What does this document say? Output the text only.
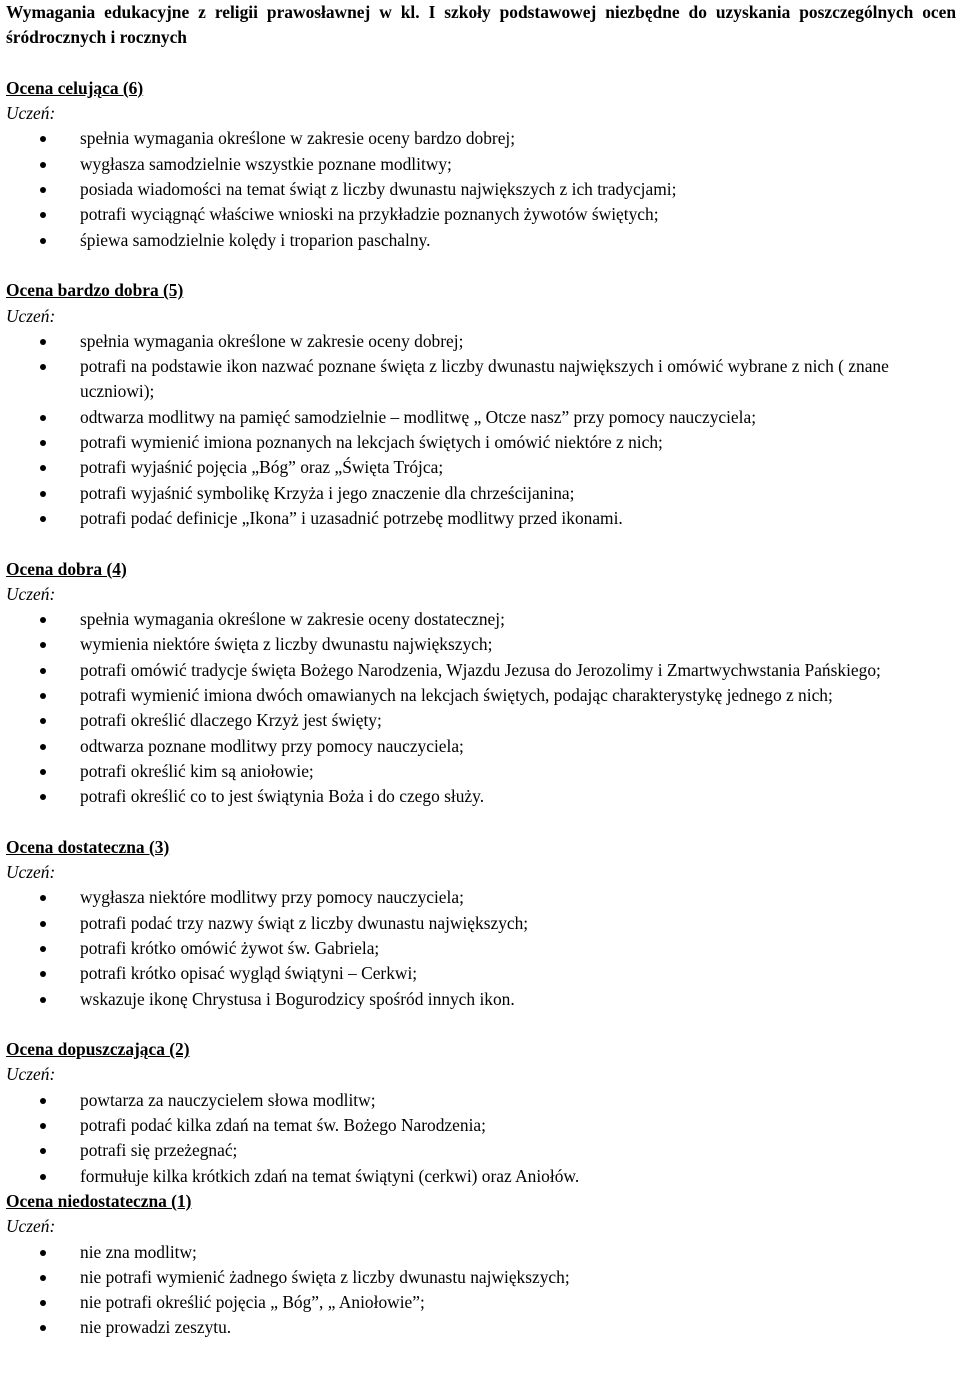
Wymagania edukacyjne z religii prawosławnej w kl. I szkoły podstawowej niezbędne do uzyskania poszczególnych ocen śródrocznych i rocznych

Ocena celująca (6)

Uczeń:

spełnia wymagania określone w zakresie oceny bardzo dobrej;
wygłasza samodzielnie wszystkie poznane modlitwy;
posiada wiadomości na temat świąt z liczby dwunastu największych z ich tradycjami;
potrafi wyciągnąć właściwe wnioski na przykładzie poznanych żywotów świętych;
śpiewa samodzielnie kolędy i troparion paschalny.

Ocena bardzo dobra (5)

Uczeń:

spełnia wymagania określone w zakresie oceny dobrej;
potrafi na podstawie ikon nazwać poznane święta z liczby dwunastu największych i omówić wybrane z nich ( znane uczniowi);
odtwarza modlitwy na pamięć samodzielnie – modlitwę „ Otcze nasz” przy pomocy nauczyciela;
potrafi wymienić imiona poznanych na lekcjach świętych i omówić niektóre z nich;
potrafi wyjaśnić pojęcia „Bóg” oraz „Święta Trójca;
potrafi wyjaśnić symbolikę Krzyża i jego znaczenie dla chrześcijanina;
potrafi podać definicje „Ikona” i uzasadnić potrzebę modlitwy przed ikonami.

Ocena dobra (4)

Uczeń:

spełnia wymagania określone w zakresie oceny dostatecznej;
wymienia niektóre święta z liczby dwunastu największych;
potrafi omówić tradycje święta Bożego Narodzenia, Wjazdu Jezusa do Jerozolimy i Zmartwychwstania Pańskiego;
potrafi wymienić imiona dwóch omawianych na lekcjach świętych, podając charakterystykę jednego z nich;
potrafi określić dlaczego Krzyż jest święty;
odtwarza poznane modlitwy przy pomocy nauczyciela;
potrafi określić kim są aniołowie;
potrafi określić co to jest świątynia Boża i do czego służy.

Ocena dostateczna (3)

Uczeń:

wygłasza niektóre modlitwy przy pomocy nauczyciela;
potrafi podać trzy nazwy świąt z liczby dwunastu największych;
potrafi krótko omówić żywot św. Gabriela;
potrafi krótko opisać wygląd świątyni – Cerkwi;
wskazuje ikonę Chrystusa i Bogurodzicy spośród innych ikon.

Ocena dopuszczająca (2)

Uczeń:

powtarza za nauczycielem słowa modlitw;
potrafi podać kilka zdań na temat św. Bożego Narodzenia;
potrafi się przeżegnać;
formułuje kilka krótkich zdań na temat świątyni (cerkwi) oraz Aniołów.

Ocena niedostateczna (1)

Uczeń:

nie zna modlitw;
nie potrafi wymienić żadnego święta z liczby dwunastu największych;
nie potrafi określić pojęcia „ Bóg”, „ Aniołowie”;
nie prowadzi zeszytu.
